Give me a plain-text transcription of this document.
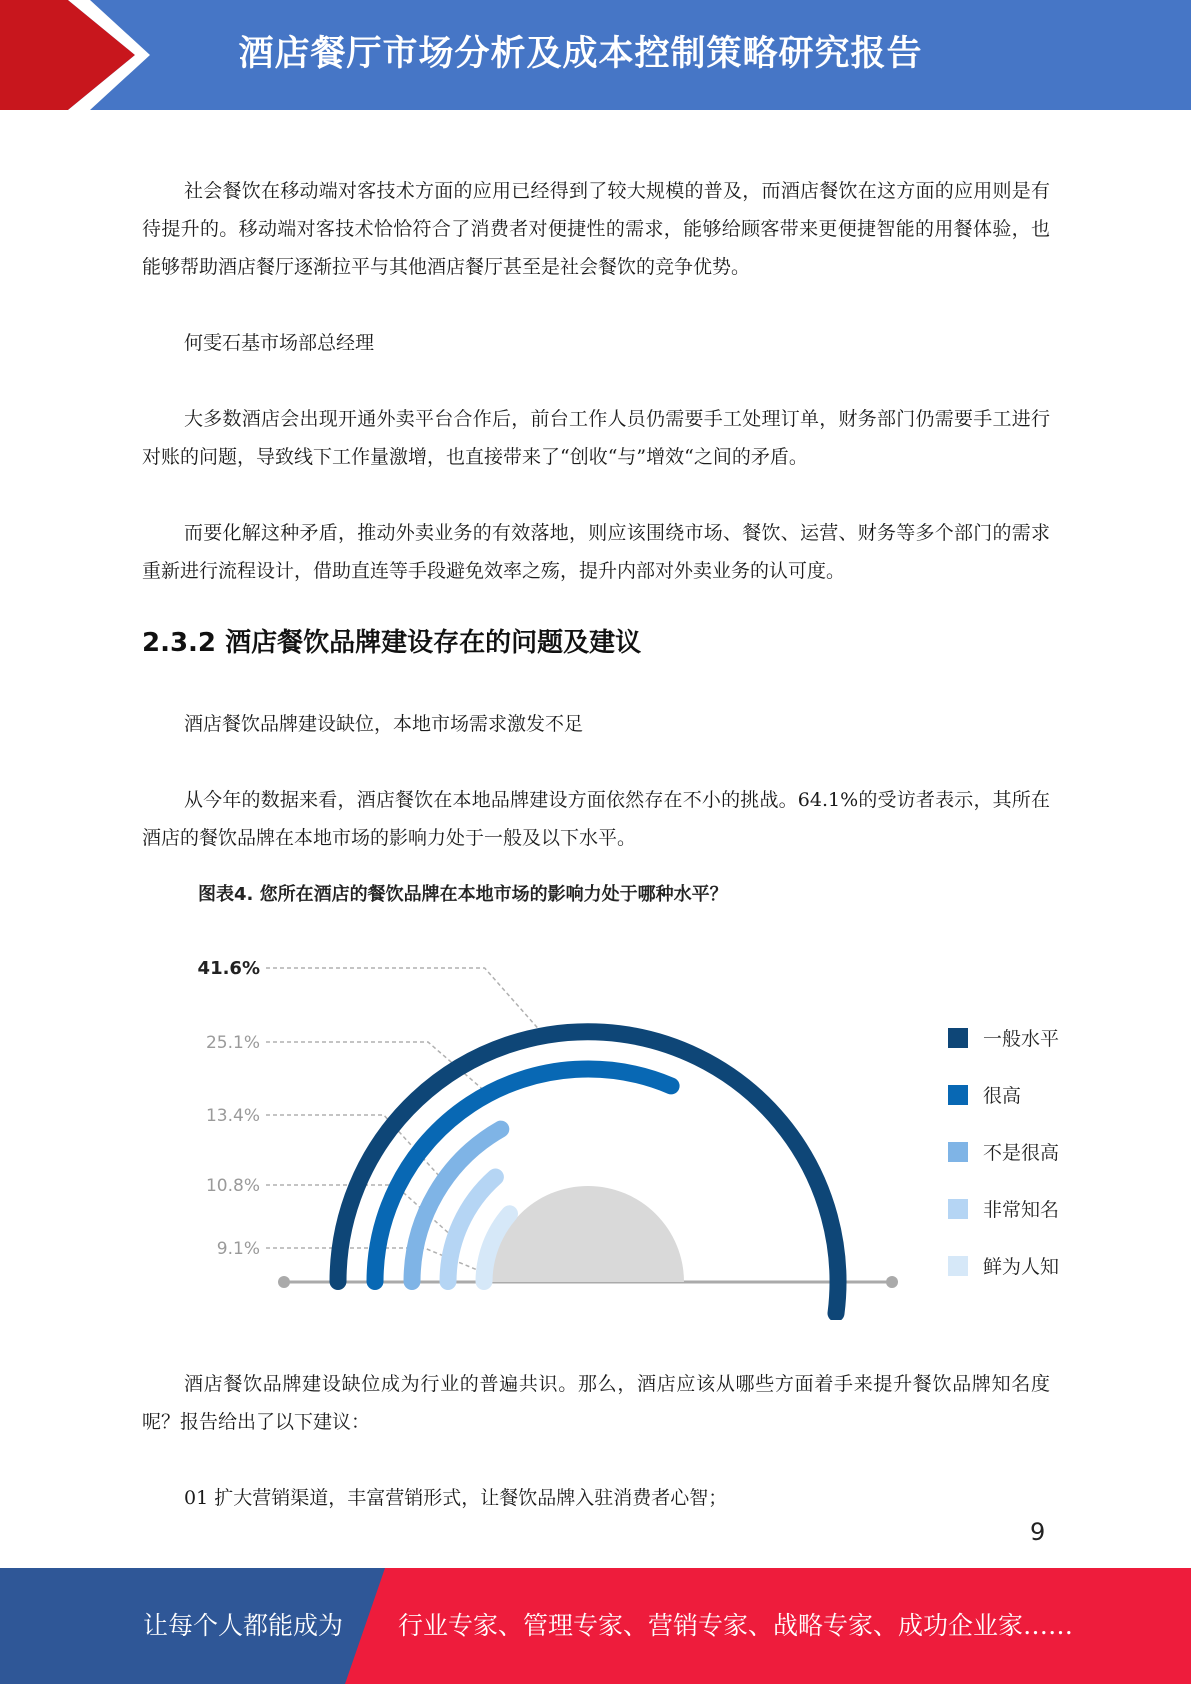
酒店餐厅市场分析及成本控制策略研究报告

社会餐饮在移动端对客技术方面的应用已经得到了较大规模的普及，而酒店餐饮在这方面的应用则是有待提升的。移动端对客技术恰恰符合了消费者对便捷性的需求，能够给顾客带来更便捷智能的用餐体验，也能够帮助酒店餐厅逐渐拉平与其他酒店餐厅甚至是社会餐饮的竞争优势。

何雯石基市场部总经理

大多数酒店会出现开通外卖平台合作后，前台工作人员仍需要手工处理订单，财务部门仍需要手工进行对账的问题，导致线下工作量激增，也直接带来了“创收“与”增效“之间的矛盾。

而要化解这种矛盾，推动外卖业务的有效落地，则应该围绕市场、餐饮、运营、财务等多个部门的需求重新进行流程设计，借助直连等手段避免效率之殇，提升内部对外卖业务的认可度。

2.3.2 酒店餐饮品牌建设存在的问题及建议

酒店餐饮品牌建设缺位，本地市场需求激发不足

从今年的数据来看，酒店餐饮在本地品牌建设方面依然存在不小的挑战。64.1%的受访者表示，其所在酒店的餐饮品牌在本地市场的影响力处于一般及以下水平。

图表4. 您所在酒店的餐饮品牌在本地市场的影响力处于哪种水平？

41.6%
25.1%
13.4%
10.8%
9.1%
一般水平
很高
不是很高
非常知名
鲜为人知

酒店餐饮品牌建设缺位成为行业的普遍共识。那么，酒店应该从哪些方面着手来提升餐饮品牌知名度呢？报告给出了以下建议：

01 扩大营销渠道，丰富营销形式，让餐饮品牌入驻消费者心智；

9
让每个人都能成为 行业专家、管理专家、营销专家、战略专家、成功企业家……
